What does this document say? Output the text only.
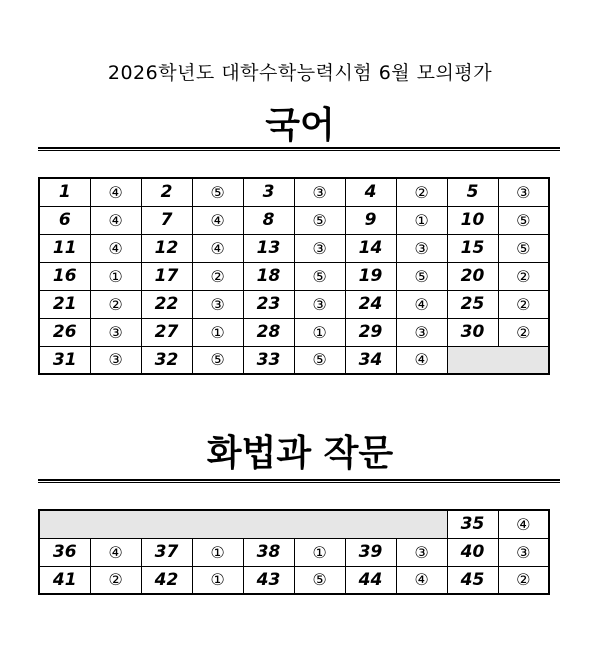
2026학년도 대학수학능력시험 6월 모의평가
국어
1	④	2	⑤	3	③	4	②	5	③
6	④	7	④	8	⑤	9	①	10	⑤
11	④	12	④	13	③	14	③	15	⑤
16	①	17	②	18	⑤	19	⑤	20	②
21	②	22	③	23	③	24	④	25	②
26	③	27	①	28	①	29	③	30	②
31	③	32	⑤	33	⑤	34	④		
화법과 작문
								35	④
36	④	37	①	38	①	39	③	40	③
41	②	42	①	43	⑤	44	④	45	②
